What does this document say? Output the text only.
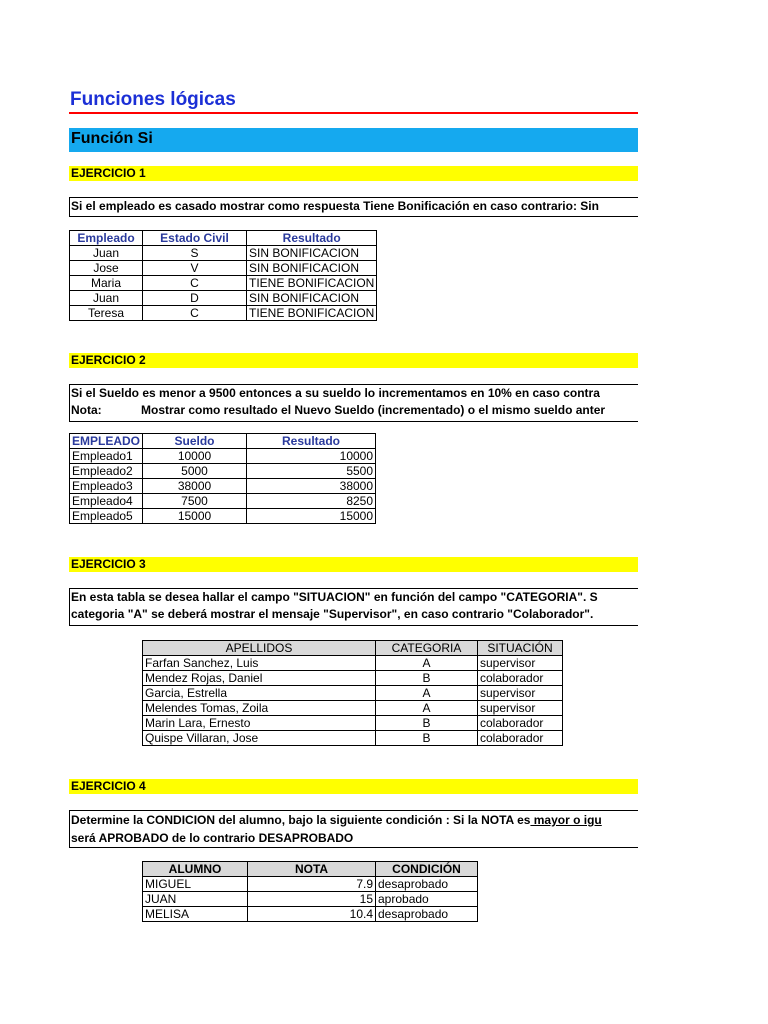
Funciones lógicas
Función Si
EJERCICIO 1
Si el empleado es casado mostrar como respuesta Tiene Bonificación en caso contrario: Sin
Empleado	Estado Civil	Resultado
Juan	S	SIN BONIFICACION
Jose	V	SIN BONIFICACION
Maria	C	TIENE BONIFICACION
Juan	D	SIN BONIFICACION
Teresa	C	TIENE BONIFICACION
EJERCICIO 2
Si el Sueldo es menor a 9500 entonces a su sueldo lo incrementamos en 10% en caso contra
Nota:	Mostrar como resultado el Nuevo Sueldo (incrementado) o el mismo sueldo anter
EMPLEADO	Sueldo	Resultado
Empleado1	10000	10000
Empleado2	5000	5500
Empleado3	38000	38000
Empleado4	7500	8250
Empleado5	15000	15000
EJERCICIO 3
En esta tabla se desea hallar el campo "SITUACION" en función del campo "CATEGORIA". S
categoria "A" se deberá mostrar el mensaje "Supervisor", en caso contrario "Colaborador".
APELLIDOS	CATEGORIA	SITUACIÓN
Farfan Sanchez, Luis	A	supervisor
Mendez Rojas, Daniel	B	colaborador
Garcia, Estrella	A	supervisor
Melendes Tomas, Zoila	A	supervisor
Marin Lara, Ernesto	B	colaborador
Quispe Villaran, Jose	B	colaborador
EJERCICIO 4
Determine la CONDICION del alumno, bajo la siguiente condición : Si la NOTA es mayor o igu
será APROBADO de lo contrario DESAPROBADO
ALUMNO	NOTA	CONDICIÓN
MIGUEL	7.9	desaprobado
JUAN	15	aprobado
MELISA	10.4	desaprobado
